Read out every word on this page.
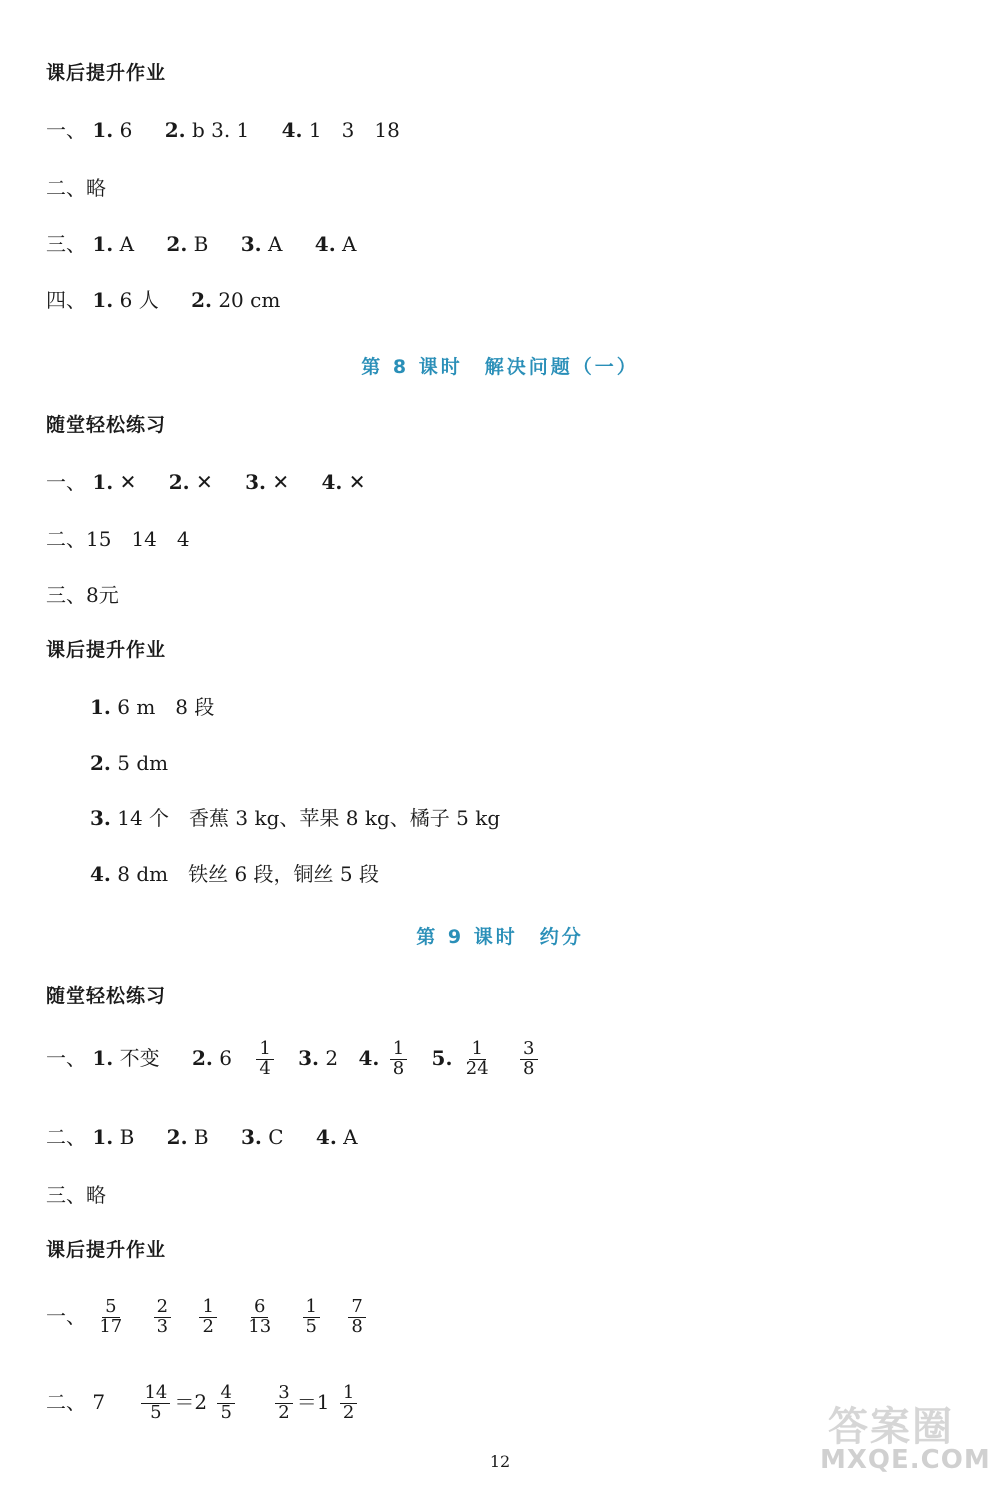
课后提升作业
一、 1. 6 2. b 3. 1 4. 1　3　18
二、略
三、 1. A 2. B 3. A 4. A
四、 1. 6 人 2. 20 cm
第 8 课时　解决问题（一）
随堂轻松练习
一、 1. ✕ 2. ✕ 3. ✕ 4. ✕
二、15　14　4
三、8元
课后提升作业
1. 6 m　8 段
2. 5 dm
3. 14 个　香蕉 3 kg、苹果 8 kg、橘子 5 kg
4. 8 dm　铁丝 6 段，铜丝 5 段
第 9 课时　约分
随堂轻松练习
一、 1. 不变 2. $6 \frac{1}{4} 3$. 2 4. $\frac{1}{8} 5$. $\frac{1}{24}$
$\frac{3}{8}$
二、 1. B 2. B 3. C 4. A
三、略
课后提升作业
一、 $\frac{5}{17}$
$\frac{2}{3}$
$\frac{1}{2}$
$\frac{6}{13}$
$\frac{1}{5}$
$\frac{7}{8}$
二、 $7 \frac{14}{5} =2 \frac{4}{5}$
$\frac{3}{2} =1 \frac{1}{2}$
12
答案圈
MXQE.COM
